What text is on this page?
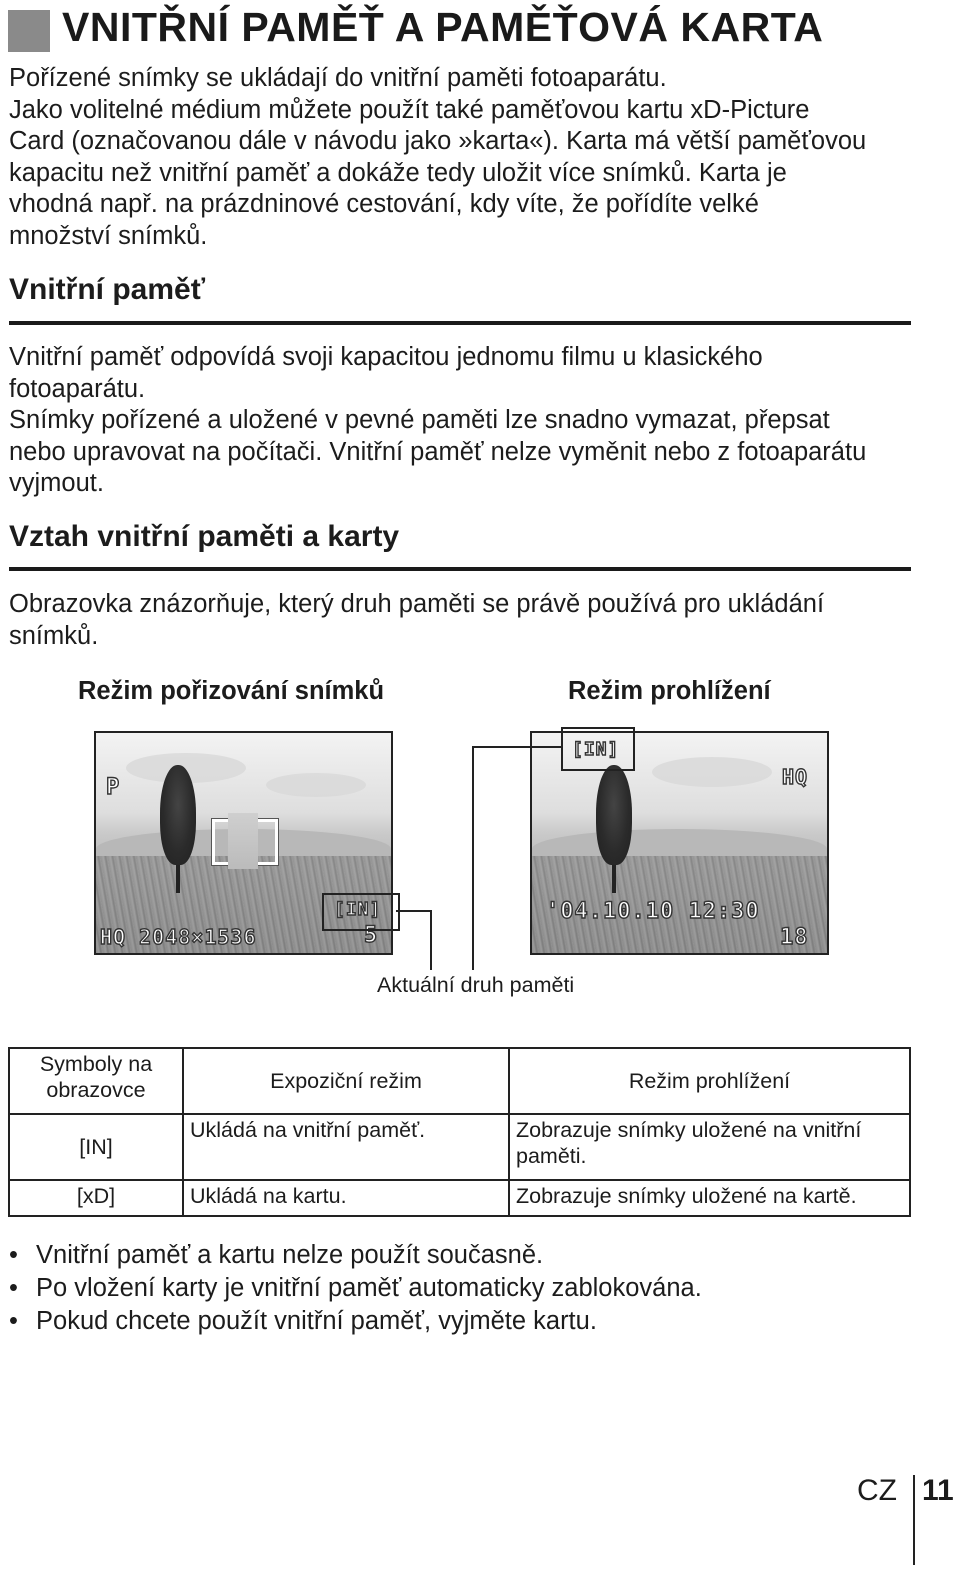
VNITŘNÍ PAMĚŤ A PAMĚŤOVÁ KARTA
Pořízené snímky se ukládají do vnitřní paměti fotoaparátu.
Jako volitelné médium můžete použít také paměťovou kartu xD-Picture
Card (označovanou dále v návodu jako »karta«). Karta má větší paměťovou
kapacitu než vnitřní paměť a dokáže tedy uložit více snímků. Karta je
vhodná např. na prázdninové cestování, kdy víte, že pořídíte velké
množství snímků.
Vnitřní paměť
Vnitřní paměť odpovídá svoji kapacitou jednomu filmu u klasického
fotoaparátu.
Snímky pořízené a uložené v pevné paměti lze snadno vymazat, přepsat
nebo upravovat na počítači. Vnitřní paměť nelze vyměnit nebo z fotoaparátu
vyjmout.
Vztah vnitřní paměti a karty
Obrazovka znázorňuje, který druh paměti se právě používá pro ukládání
snímků.
Režim pořizování snímků	Režim prohlížení
P
HQ 2048×1536
[IN]
5
[IN]
HQ
'04.10.10 12:30
18
Aktuální druh paměti
Symboly na obrazovce	Expoziční režim	Režim prohlížení
[IN]	Ukládá na vnitřní paměť.	Zobrazuje snímky uložené na vnitřní paměti.
[xD]	Ukládá na kartu.	Zobrazuje snímky uložené na kartě.
• Vnitřní paměť a kartu nelze použít současně.
• Po vložení karty je vnitřní paměť automaticky zablokována.
• Pokud chcete použít vnitřní paměť, vyjměte kartu.
CZ 11
